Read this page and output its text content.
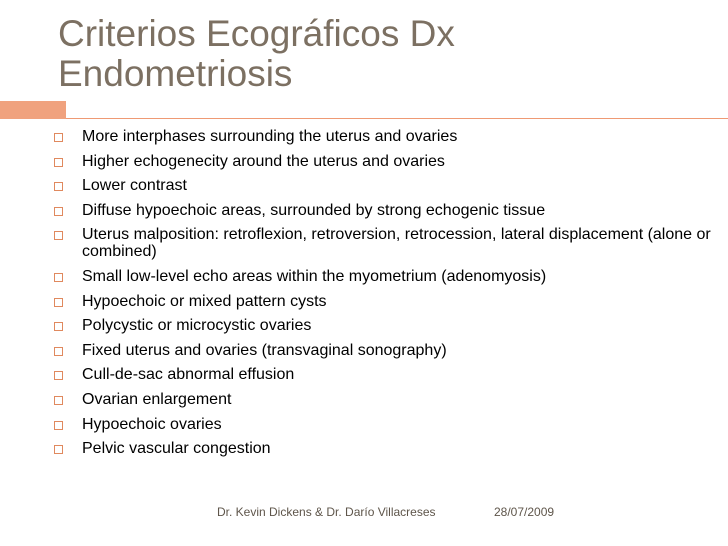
Criterios Ecográficos Dx
Endometriosis
More interphases surrounding the uterus and ovaries
Higher echogenecity around the uterus and ovaries
Lower contrast
Diffuse hypoechoic areas, surrounded by strong echogenic tissue
Uterus malposition: retroflexion, retroversion, retrocession, lateral displacement (alone or combined)
Small low-level echo areas within the myometrium (adenomyosis)
Hypoechoic or mixed pattern cysts
Polycystic or microcystic ovaries
Fixed uterus and ovaries (transvaginal sonography)
Cull-de-sac abnormal effusion
Ovarian enlargement
Hypoechoic ovaries
Pelvic vascular congestion
Dr. Kevin Dickens & Dr. Darío Villacreses	28/07/2009
